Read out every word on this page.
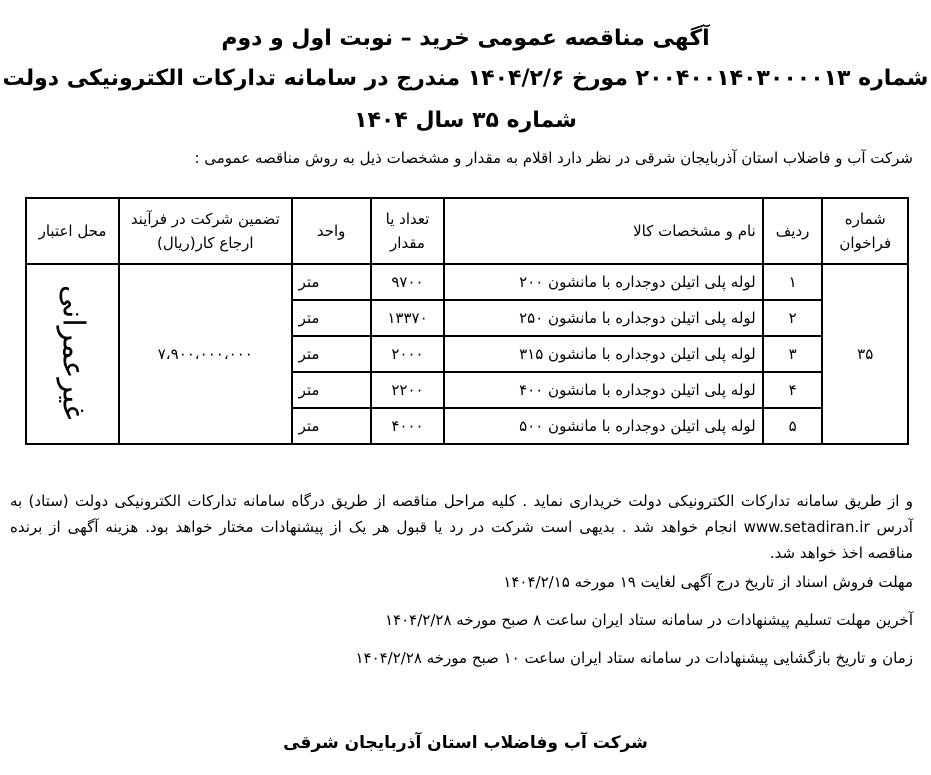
آگهی مناقصه عمومی خرید – نوبت اول و دوم
شماره ۲۰۰۴۰۰۱۴۰۳۰۰۰۰۱۳ مورخ ۱۴۰۴/۲/۶ مندرج در سامانه تدارکات الکترونیکی دولت
شماره ۳۵ سال ۱۴۰۴
شرکت آب و فاضلاب استان آذربایجان شرقی در نظر دارد اقلام به مقدار و مشخصات ذیل به روش مناقصه عمومی :
شماره فراخوان	ردیف	نام و مشخصات کالا	تعداد یا مقدار	واحد	تضمین شرکت در فرآیند ارجاع کار(ریال)	محل اعتبار
۳۵	۱	لوله پلی اتیلن دوجداره با مانشون ۲۰۰	۹۷۰۰	متر	۷،۹۰۰،۰۰۰،۰۰۰	غیرعمرانی
	۲	لوله پلی اتیلن دوجداره با مانشون ۲۵۰	۱۳۳۷۰	متر		
	۳	لوله پلی اتیلن دوجداره با مانشون ۳۱۵	۲۰۰۰	متر		
	۴	لوله پلی اتیلن دوجداره با مانشون ۴۰۰	۲۲۰۰	متر		
	۵	لوله پلی اتیلن دوجداره با مانشون ۵۰۰	۴۰۰۰	متر		
و از طریق سامانه تدارکات الکترونیکی دولت خریداری نماید . کلیه مراحل مناقصه از طریق درگاه سامانه تدارکات الکترونیکی دولت (ستاد) به آدرس www.setadiran.ir انجام خواهد شد . بدیهی است شرکت در رد یا قبول هر یک از پیشنهادات مختار خواهد بود. هزینه آگهی از برنده مناقصه اخذ خواهد شد.
مهلت فروش اسناد از تاریخ درج آگهی لغایت ۱۹ مورخه ۱۴۰۴/۲/۱۵
آخرین مهلت تسلیم پیشنهادات در سامانه ستاد ایران ساعت ۸ صبح مورخه ۱۴۰۴/۲/۲۸
زمان و تاریخ بازگشایی پیشنهادات در سامانه ستاد ایران ساعت ۱۰ صبح مورخه ۱۴۰۴/۲/۲۸
شرکت آب وفاضلاب استان آذربایجان شرقی
